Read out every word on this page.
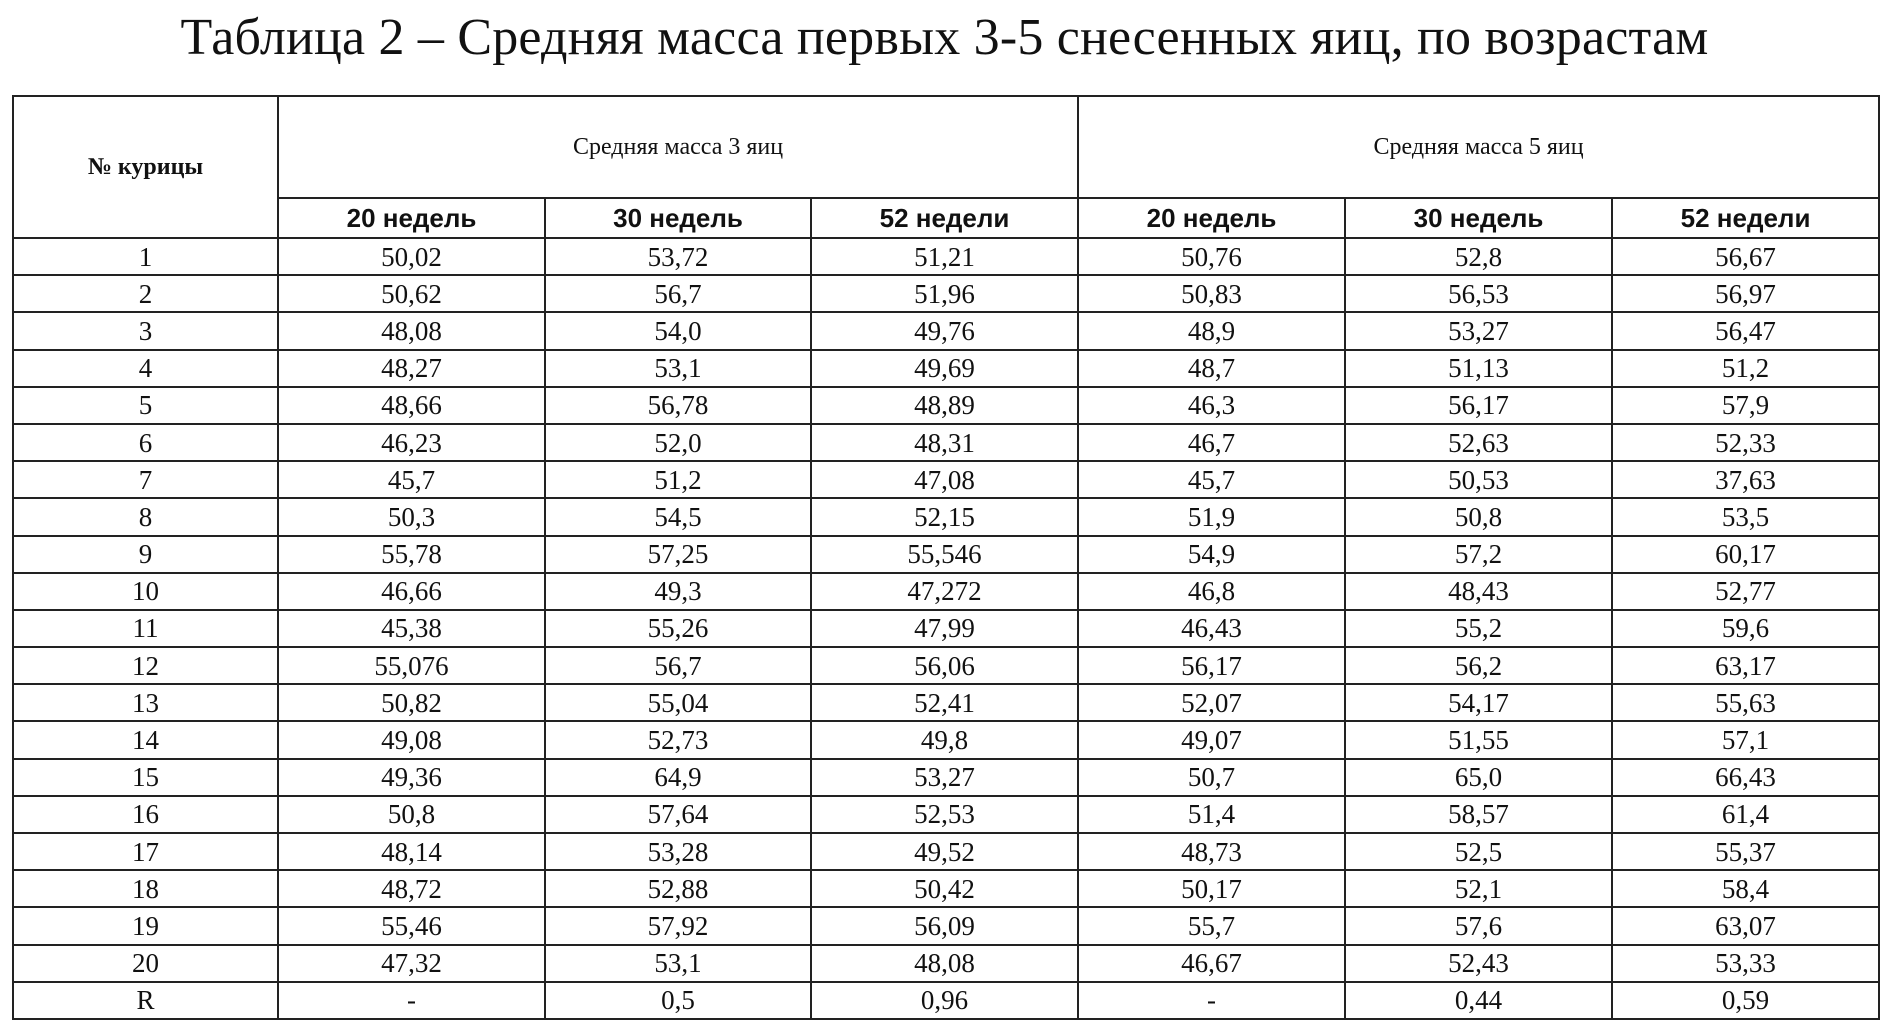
Таблица 2 – Средняя масса первых 3-5 снесенных яиц, по возрастам
№ курицы	Средняя масса 3 яиц			Средняя масса 5 яиц		
	20 недель	30 недель	52 недели	20 недель	30 недель	52 недели
1	50,02	53,72	51,21	50,76	52,8	56,67
2	50,62	56,7	51,96	50,83	56,53	56,97
3	48,08	54,0	49,76	48,9	53,27	56,47
4	48,27	53,1	49,69	48,7	51,13	51,2
5	48,66	56,78	48,89	46,3	56,17	57,9
6	46,23	52,0	48,31	46,7	52,63	52,33
7	45,7	51,2	47,08	45,7	50,53	37,63
8	50,3	54,5	52,15	51,9	50,8	53,5
9	55,78	57,25	55,546	54,9	57,2	60,17
10	46,66	49,3	47,272	46,8	48,43	52,77
11	45,38	55,26	47,99	46,43	55,2	59,6
12	55,076	56,7	56,06	56,17	56,2	63,17
13	50,82	55,04	52,41	52,07	54,17	55,63
14	49,08	52,73	49,8	49,07	51,55	57,1
15	49,36	64,9	53,27	50,7	65,0	66,43
16	50,8	57,64	52,53	51,4	58,57	61,4
17	48,14	53,28	49,52	48,73	52,5	55,37
18	48,72	52,88	50,42	50,17	52,1	58,4
19	55,46	57,92	56,09	55,7	57,6	63,07
20	47,32	53,1	48,08	46,67	52,43	53,33
R	-	0,5	0,96	-	0,44	0,59
